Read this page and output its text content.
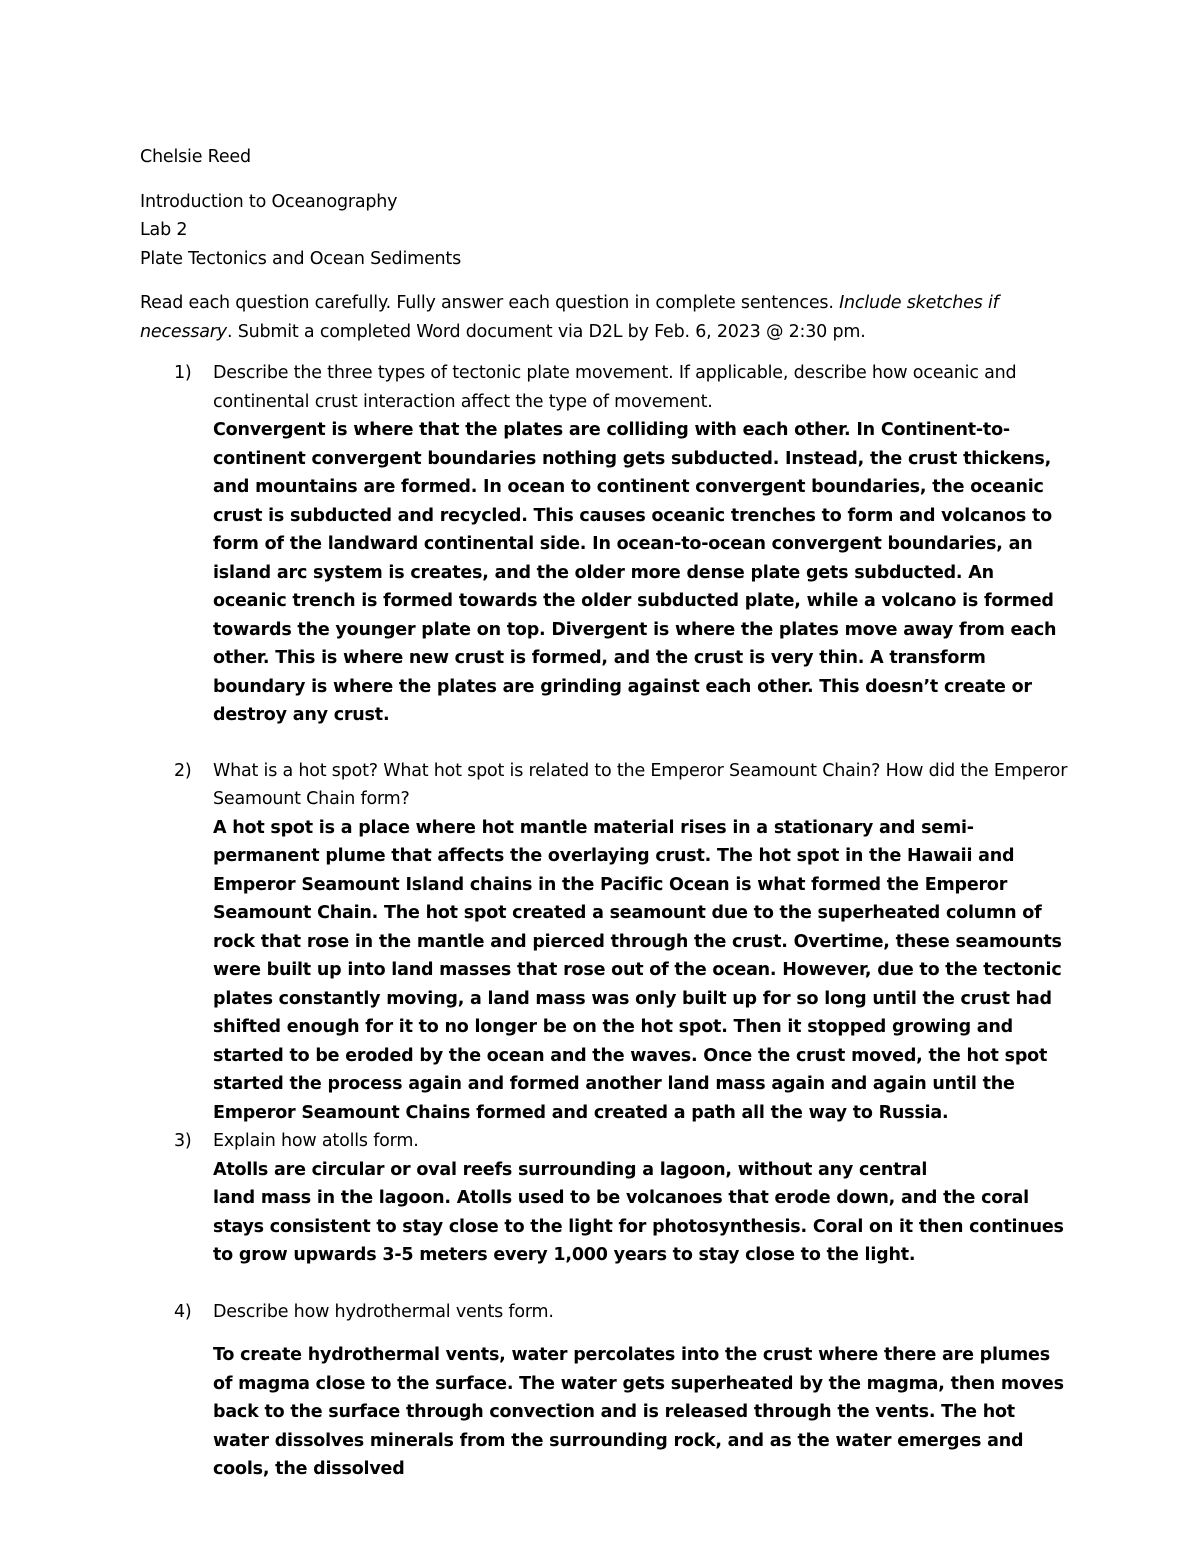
Chelsie Reed

Introduction to Oceanography

Lab 2

Plate Tectonics and Ocean Sediments

Read each question carefully. Fully answer each question in complete sentences. Include sketches if necessary. Submit a completed Word document via D2L by Feb. 6, 2023 @ 2:30 pm.

1) Describe the three types of tectonic plate movement. If applicable, describe how oceanic and continental crust interaction affect the type of movement.

Convergent is where that the plates are colliding with each other. In Continent-to-continent convergent boundaries nothing gets subducted. Instead, the crust thickens, and mountains are formed. In ocean to continent convergent boundaries, the oceanic crust is subducted and recycled. This causes oceanic trenches to form and volcanos to form of the landward continental side. In ocean-to-ocean convergent boundaries, an island arc system is creates, and the older more dense plate gets subducted. An oceanic trench is formed towards the older subducted plate, while a volcano is formed towards the younger plate on top. Divergent is where the plates move away from each other. This is where new crust is formed, and the crust is very thin. A transform boundary is where the plates are grinding against each other. This doesn’t create or destroy any crust.

2) What is a hot spot? What hot spot is related to the Emperor Seamount Chain? How did the Emperor Seamount Chain form?

A hot spot is a place where hot mantle material rises in a stationary and semi-permanent plume that affects the overlaying crust. The hot spot in the Hawaii and Emperor Seamount Island chains in the Pacific Ocean is what formed the Emperor Seamount Chain. The hot spot created a seamount due to the superheated column of rock that rose in the mantle and pierced through the crust. Overtime, these seamounts were built up into land masses that rose out of the ocean. However, due to the tectonic plates constantly moving, a land mass was only built up for so long until the crust had shifted enough for it to no longer be on the hot spot. Then it stopped growing and started to be eroded by the ocean and the waves. Once the crust moved, the hot spot started the process again and formed another land mass again and again until the Emperor Seamount Chains formed and created a path all the way to Russia.

3) Explain how atolls form.

Atolls are circular or oval reefs surrounding a lagoon, without any central

land mass in the lagoon. Atolls used to be volcanoes that erode down, and the coral stays consistent to stay close to the light for photosynthesis. Coral on it then continues to grow upwards 3-5 meters every 1,000 years to stay close to the light.

4) Describe how hydrothermal vents form.

To create hydrothermal vents, water percolates into the crust where there are plumes of magma close to the surface. The water gets superheated by the magma, then moves back to the surface through convection and is released through the vents. The hot water dissolves minerals from the surrounding rock, and as the water emerges and cools, the dissolved
